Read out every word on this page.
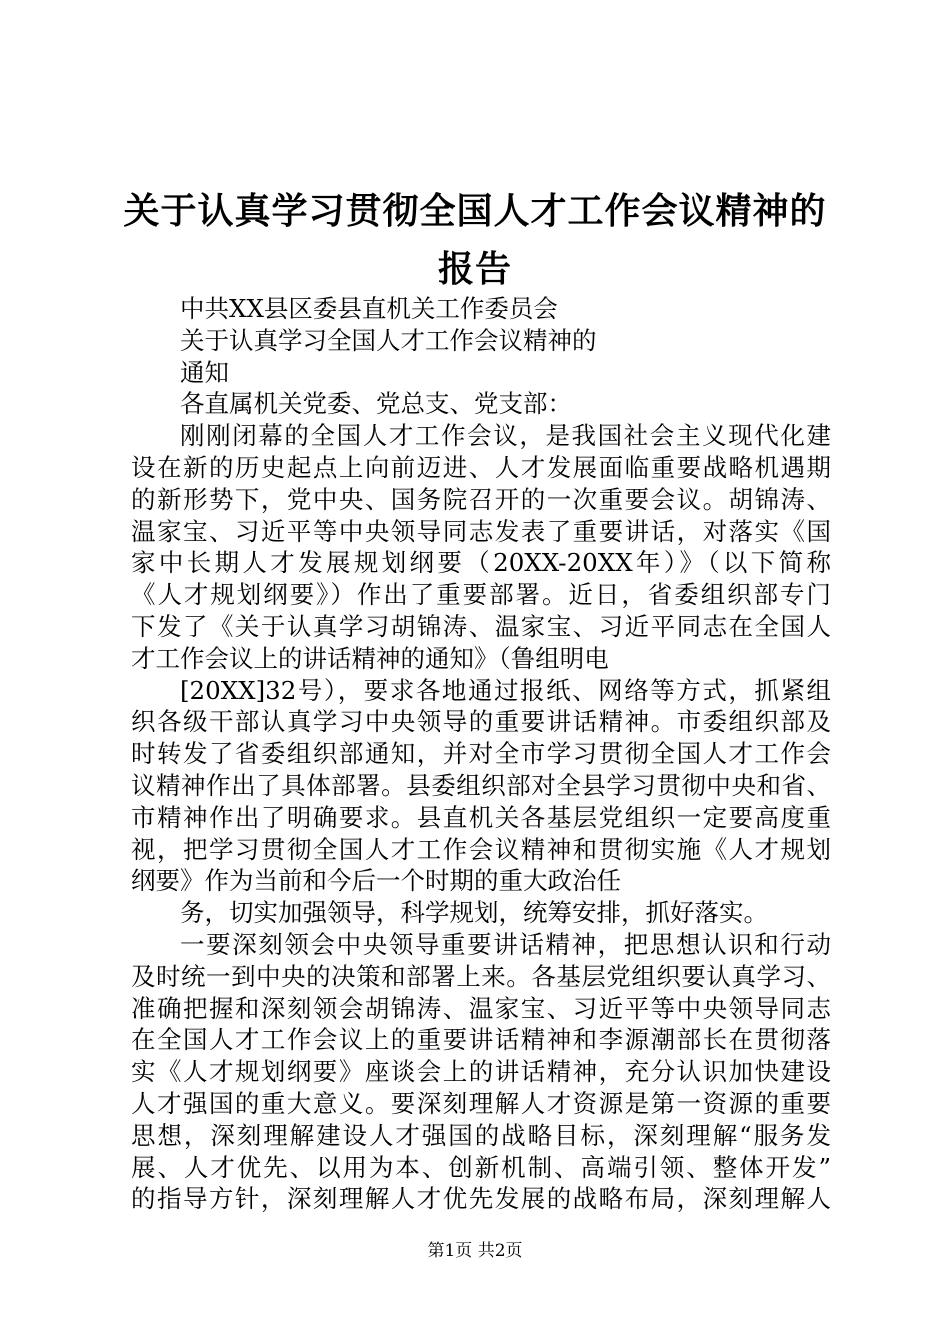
关于认真学习贯彻全国人才工作会议精神的报告
中共XX县区委县直机关工作委员会
关于认真学习全国人才工作会议精神的
通知
各直属机关党委、党总支、党支部：
刚刚闭幕的全国人才工作会议，是我国社会主义现代化建
设在新的历史起点上向前迈进、人才发展面临重要战略机遇期
的新形势下，党中央、国务院召开的一次重要会议。胡锦涛、
温家宝、习近平等中央领导同志发表了重要讲话，对落实《国
家中长期人才发展规划纲要（20XX-20XX年）》（以下简称
《人才规划纲要》）作出了重要部署。近日，省委组织部专门
下发了《关于认真学习胡锦涛、温家宝、习近平同志在全国人
才工作会议上的讲话精神的通知》（鲁组明电
[20XX]32号），要求各地通过报纸、网络等方式，抓紧组
织各级干部认真学习中央领导的重要讲话精神。市委组织部及
时转发了省委组织部通知，并对全市学习贯彻全国人才工作会
议精神作出了具体部署。县委组织部对全县学习贯彻中央和省、
市精神作出了明确要求。县直机关各基层党组织一定要高度重
视，把学习贯彻全国人才工作会议精神和贯彻实施《人才规划
纲要》作为当前和今后一个时期的重大政治任
务，切实加强领导，科学规划，统筹安排，抓好落实。
一要深刻领会中央领导重要讲话精神，把思想认识和行动
及时统一到中央的决策和部署上来。各基层党组织要认真学习、
准确把握和深刻领会胡锦涛、温家宝、习近平等中央领导同志
在全国人才工作会议上的重要讲话精神和李源潮部长在贯彻落
实《人才规划纲要》座谈会上的讲话精神，充分认识加快建设
人才强国的重大意义。要深刻理解人才资源是第一资源的重要
思想，深刻理解建设人才强国的战略目标，深刻理解“服务发
展、人才优先、以用为本、创新机制、高端引领、整体开发”
的指导方针，深刻理解人才优先发展的战略布局，深刻理解人
第1页 共2页
